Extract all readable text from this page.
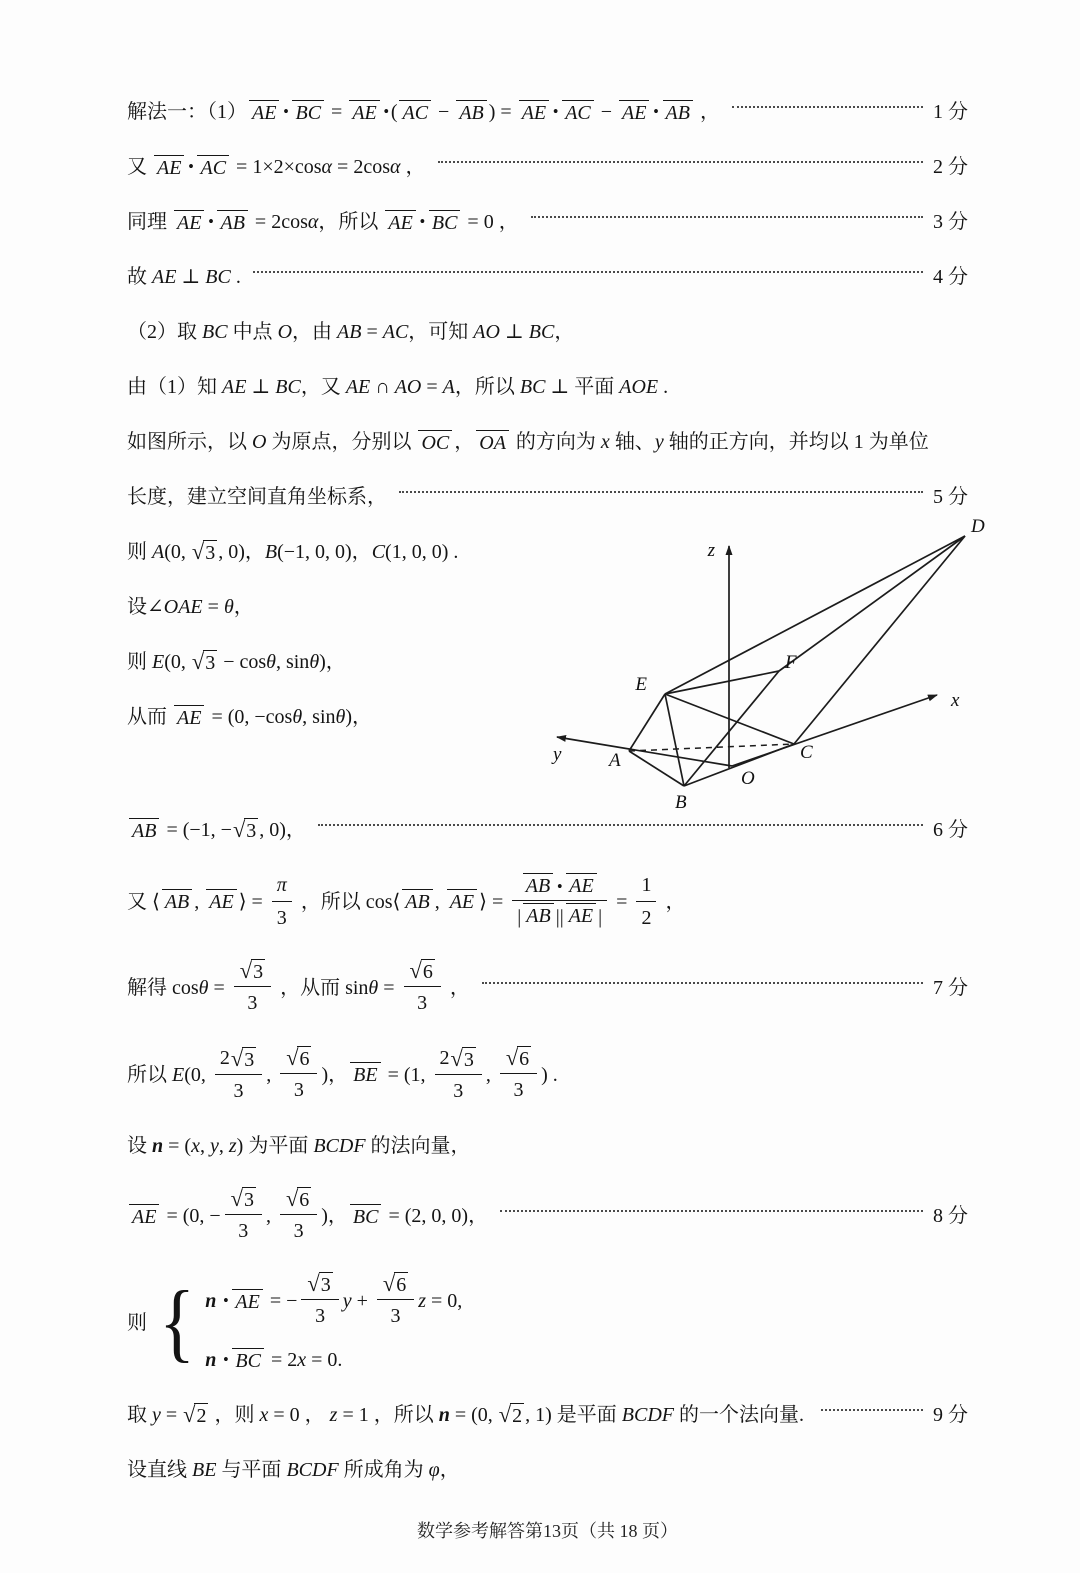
解法一：（1） AE • BC = AE • ( AC − AB ) = AE • AC − AE • AB ，	1 分
又 AE • AC = 1×2×cos α = 2cos α ，	2 分
同理 AE • AB = 2cos α ，所以 AE • BC = 0 ，	3 分
故 AE ⊥ BC .	4 分
（2）取 BC 中点 O ，由 AB = AC ，可知 AO ⊥ BC ，
由（1）知 AE ⊥ BC ，又 AE ∩ AO = A ，所以 BC ⊥ 平面 AOE .
如图所示，以 O 为原点，分别以 OC ， OA 的方向为 x 轴、 y 轴的正方向，并均以 1 为单位
长度，建立空间直角坐标系，	5 分
则 A (0, √ 3 , 0)， B (−1, 0, 0)， C (1, 0, 0) .
设∠ OAE = θ ，
则 E (0, √ 3 − cos θ , sin θ )，
从而 AE = (0, −cos θ , sin θ )，
z
x
y
O
A
B
C
E
F
D
AB = (−1, − √ 3 , 0)，	6 分
又 ⟨ AB , AE ⟩ = $\frac{\pi}{3}$ ，所以 cos⟨ AB , AE ⟩ = $\frac{AB • AE}{| AB || AE |} = \frac{1}{2}$ ，
解得 $\cos \theta = \frac{√ 3}{3}$ ，从而 $\sin \theta = \frac{√ 6}{3}$ ，	7 分
所以 E (0, $\frac{2 √ 3}{3}$ , $\frac{√ 6}{3}$ )， BE = (1, $\frac{2 √ 3}{3}$ , $\frac{√ 6}{3}$ ) .
设 n = ( x , y , z ) 为平面 BCDF 的法向量，
AE = (0, − $\frac{√ 3}{3}$ , $\frac{√ 6}{3}$ )， BC = (2, 0, 0)，	8 分
则 { n
• AE = − $\frac{√ 3}{3}$ $y + \frac{√ 6}{3}$ z = 0,
n
• BC = 2 x = 0.
取 y = √ 2 ，则 x = 0 ， z = 1 ，所以 n = (0, √ 2 , 1) 是平面 BCDF 的一个法向量.	9 分
设直线 BE 与平面 BCDF 所成角为 φ ，
数学参考解答第13页（共 18 页）
